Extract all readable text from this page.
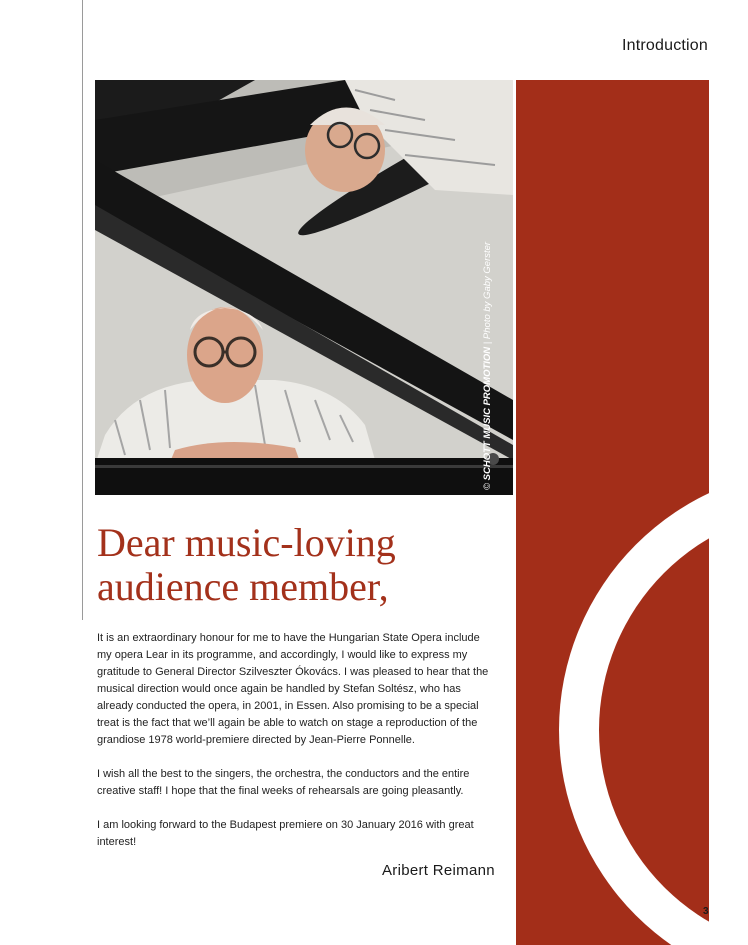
Introduction
© SCHOTT MUSIC PROMOTION | Photo by Gaby Gerster
Dear music-loving
audience member,

It is an extraordinary honour for me to have the Hungarian State Opera include my opera Lear in its programme, and accordingly, I would like to express my gratitude to General Director Szilveszter Ókovács. I was pleased to hear that the musical direction would once again be handled by Stefan Soltész, who has already conducted the opera, in 2001, in Essen. Also promising to be a special treat is the fact that we’ll again be able to watch on stage a reproduction of the grandiose 1978 world-premiere directed by Jean-Pierre Ponnelle.

I wish all the best to the singers, the orchestra, the conductors and the entire creative staff! I hope that the final weeks of rehearsals are going pleasantly.

I am looking forward to the Budapest premiere on 30 January 2016 with great interest!

Aribert Reimann
3
